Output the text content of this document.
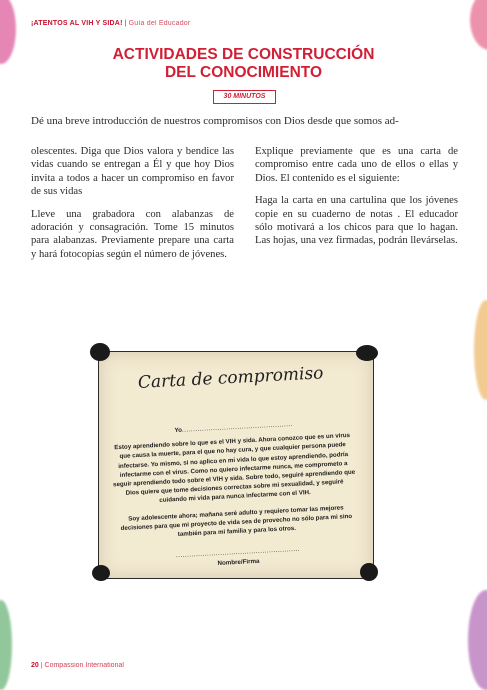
¡ATENTOS AL VIH Y SIDA! | Guía del Educador
ACTIVIDADES DE CONSTRUCCIÓN
DEL CONOCIMIENTO
30 MINUTOS
Dé una breve introducción de nuestros compromisos con Dios desde que somos ad-

olescentes. Diga que Dios valora y bendice las vidas cuando se entregan a Él y que hoy Dios invita a todos a hacer un compromiso en favor de sus vidas

Lleve una grabadora con alabanzas de adoración y consagración. Tome 15 minutos para alabanzas. Previamente prepare una carta y hará fotocopias según el número de jóvenes.

Explique previamente que es una carta de compromiso entre cada uno de ellos o ellas y Dios. El contenido es el siguiente:

Haga la carta en una cartulina que los jóvenes copie en su cuaderno de notas . El educador sólo motivará a los chicos para que lo hagan. Las hojas, una vez firmadas, podrán llevárselas.

Carta de compromiso

Yo..................................................

Estoy aprendiendo sobre lo que es el VIH y sida. Ahora conozco que es un virus que causa la muerte, para el que no hay cura, y que cualquier persona puede infectarse. Yo mismo, si no aplico en mi vida lo que estoy aprendiendo, podría infectarme con el virus. Como no quiero infectarme nunca, me comprometo a seguir aprendiendo todo sobre el VIH y sida. Sobre todo, seguiré aprendiendo que Dios quiere que tome decisiones correctas sobre mi sexualidad, y seguiré cuidando mi vida para nunca infectarme con el VIH.

Soy adolescente ahora; mañana seré adulto y requiero tomar las mejores decisiones para que mi proyecto de vida sea de provecho no sólo para mi sino también para mi familia y para los otros.

........................................................
Nombre/Firma
20 | Compassion International
